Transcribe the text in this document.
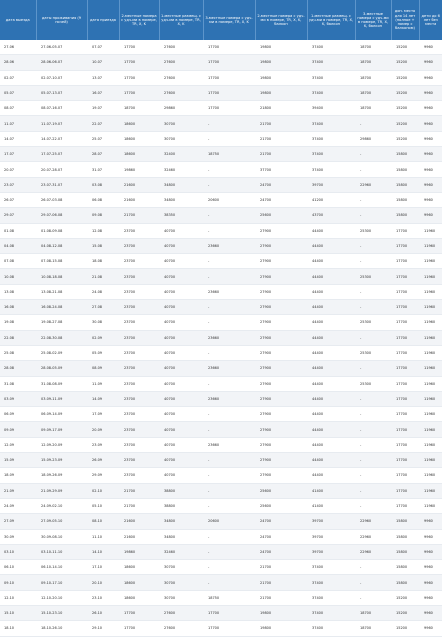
дата выезда	даты проживания (9 ночей)	дата приезда	2-местные номера с удч-ми в номере, TR, X, K	1-местные размещ. с удч-ми в номере, TR, X, K	3-местные номера с удч-ми в номере, TR, X, K	2-местные номера с удч-ми в номере, TR, X, K, балкон	1-местные размещ. с удч-ми в номере, TR, X, K, балкон	3-местные номера с удч-ми в номере, TR, X, K, балкон	доп. место для 14 лет (полное + номер с балконом)	дети до 6 лет без места
27.06	27.06-05.07	07.07	17700	27600	17700	19800	37400	18700	15200	9960
28.06	28.06-06.07	10.07	17700	27600	17700	19800	37400	18700	15200	9960
02.07	02.07-10.07	13.07	17700	27600	17700	19800	37400	18700	15200	9960
05.07	05.07-13.07	16.07	17700	27600	17700	19800	37400	18700	15200	9960
08.07	08.07-16.07	19.07	18700	29860	17700	21800	39400	18700	15200	9960
11.07	11.07-19.07	22.07	18600	30700	-	21700	37400	-	15200	9960
14.07	14.07-22.07	25.07	18600	30700	-	21700	37400	29860	15200	9960
17.07	17.07-25.07	28.07	18600	32400	18750	21700	37400	-	15800	9960
20.07	20.07-28.07	31.07	19860	32460	-	37700	37400	-	15800	9960
23.07	23.07-31.07	03.08	21600	34800	-	24700	39700	22960	15800	9960
26.07	26.07-03.08	06.08	21600	34800	20600	24700	41200	-	15800	9960
29.07	29.07-06.08	09.08	21700	38350	-	25600	43700	-	15800	9960
01.08	01.08-09.08	12.08	23700	40700	-	27900	44400	25300	17700	11960
04.08	04.08-12.08	15.08	23700	40700	23660	27900	44400	-	17700	11960
07.08	07.08-15.08	18.08	23700	40700	-	27900	44400	-	17700	11960
10.08	10.08-18.08	21.08	23700	40700	-	27900	44400	25300	17700	11960
13.08	13.08-21.08	24.08	23700	40700	23660	27900	44400	-	17700	11960
16.08	16.08-24.08	27.08	23700	40700	-	27900	44400	-	17700	11960
19.08	19.08-27.08	30.08	23700	40700	-	27900	44400	25300	17700	11960
22.08	22.08-30.08	02.09	23700	40700	23660	27900	44400	-	17700	11960
25.08	25.08-02.09	05.09	23700	40700	-	27900	44400	25300	17700	11960
28.08	28.08-05.09	08.09	23700	40700	23660	27900	44400	-	17700	11960
31.08	31.08-08.09	11.09	23700	40700	-	27900	44400	25300	17700	11960
03.09	03.09-11.09	14.09	23700	40700	23660	27900	44400	-	17700	11960
06.09	06.09-14.09	17.09	23700	40700	-	27900	44400	-	17700	11960
09.09	09.09-17.09	20.09	23700	40700	-	27900	44400	-	17700	11960
12.09	12.09-20.09	23.09	23700	40700	23660	27900	44400	-	17700	11960
15.09	15.09-23.09	26.09	23700	40700	-	27900	44400	-	17700	11960
18.09	18.09-26.09	29.09	23700	40700	-	27900	44400	-	17700	11960
21.09	21.09-29.09	02.10	21700	38800	-	25600	41400	-	17700	11960
24.09	24.09-02.10	05.10	21700	38800	-	25600	41400	-	17700	11960
27.09	27.09-05.10	08.10	21600	34800	20600	24700	39700	22960	15800	9960
30.09	30.09-08.10	11.10	21600	34800	-	24700	39700	22960	15800	9960
03.10	03.10-11.10	14.10	19860	32460	-	24700	39700	22960	15800	9960
06.10	06.10-14.10	17.10	18600	30700	-	21700	37400	-	15800	9960
09.10	09.10-17.10	20.10	18600	30700	-	21700	37400	-	15800	9960
12.10	12.10-20.10	23.10	18600	30700	18750	21700	37400	-	15200	9960
15.10	15.10-23.10	26.10	17700	27600	17700	19800	37400	18700	15200	9960
18.10	18.10-26.10	29.10	17700	27600	17700	19800	37400	18700	15200	9960
